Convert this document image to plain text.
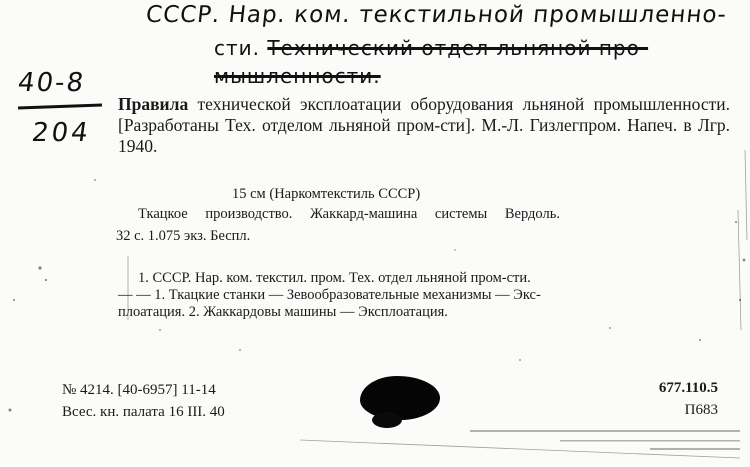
СССР. Нар. ком. текстильной промышленно-
сти. Технический отдел льняной про-
мышленности.
40-8
204
Правила технической эксплоатации оборудования льняной промышленности. [Разработаны Тех. отделом льняной пром-сти]. М.-Л. Гизлегпром. Напеч. в Лгр. 1940.
15 см (Наркомтекстиль СССР)
Ткацкое производство. Жаккард-машина системы Вердоль.
32 с. 1.075 экз. Беспл.
1. СССР. Нар. ком. текстил. пром. Тех. отдел льняной пром-сти.
— — 1. Ткацкие станки — Зевообразовательные механизмы — Экс-
плоатация. 2. Жаккардовы машины — Эксплоатация.
№ 4214. [40-6957] 11-14
Всес. кн. палата 16 III. 40
677.110.5
П683
